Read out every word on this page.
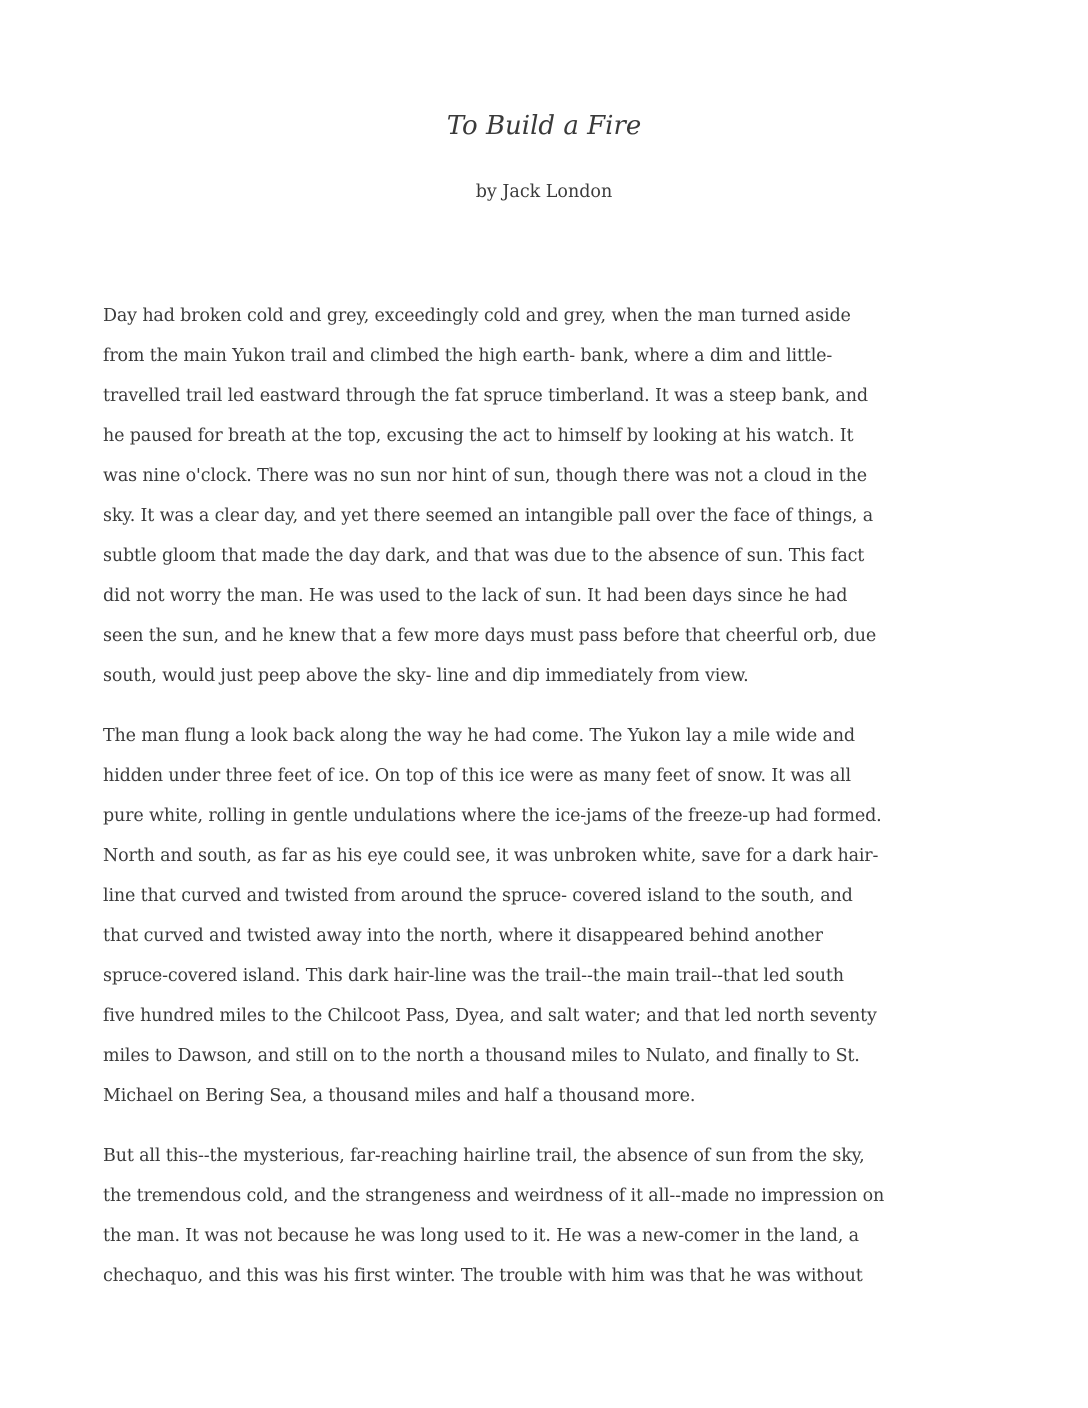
To Build a Fire

by Jack London

Day had broken cold and grey, exceedingly cold and grey, when the man turned aside
from the main Yukon trail and climbed the high earth- bank, where a dim and little-
travelled trail led eastward through the fat spruce timberland. It was a steep bank, and
he paused for breath at the top, excusing the act to himself by looking at his watch. It
was nine o'clock. There was no sun nor hint of sun, though there was not a cloud in the
sky. It was a clear day, and yet there seemed an intangible pall over the face of things, a
subtle gloom that made the day dark, and that was due to the absence of sun. This fact
did not worry the man. He was used to the lack of sun. It had been days since he had
seen the sun, and he knew that a few more days must pass before that cheerful orb, due
south, would just peep above the sky- line and dip immediately from view.
The man flung a look back along the way he had come. The Yukon lay a mile wide and
hidden under three feet of ice. On top of this ice were as many feet of snow. It was all
pure white, rolling in gentle undulations where the ice-jams of the freeze-up had formed.
North and south, as far as his eye could see, it was unbroken white, save for a dark hair-
line that curved and twisted from around the spruce- covered island to the south, and
that curved and twisted away into the north, where it disappeared behind another
spruce-covered island. This dark hair-line was the trail--the main trail--that led south
five hundred miles to the Chilcoot Pass, Dyea, and salt water; and that led north seventy
miles to Dawson, and still on to the north a thousand miles to Nulato, and finally to St.
Michael on Bering Sea, a thousand miles and half a thousand more.
But all this--the mysterious, far-reaching hairline trail, the absence of sun from the sky,
the tremendous cold, and the strangeness and weirdness of it all--made no impression on
the man. It was not because he was long used to it. He was a new-comer in the land, a
chechaquo, and this was his first winter. The trouble with him was that he was without
